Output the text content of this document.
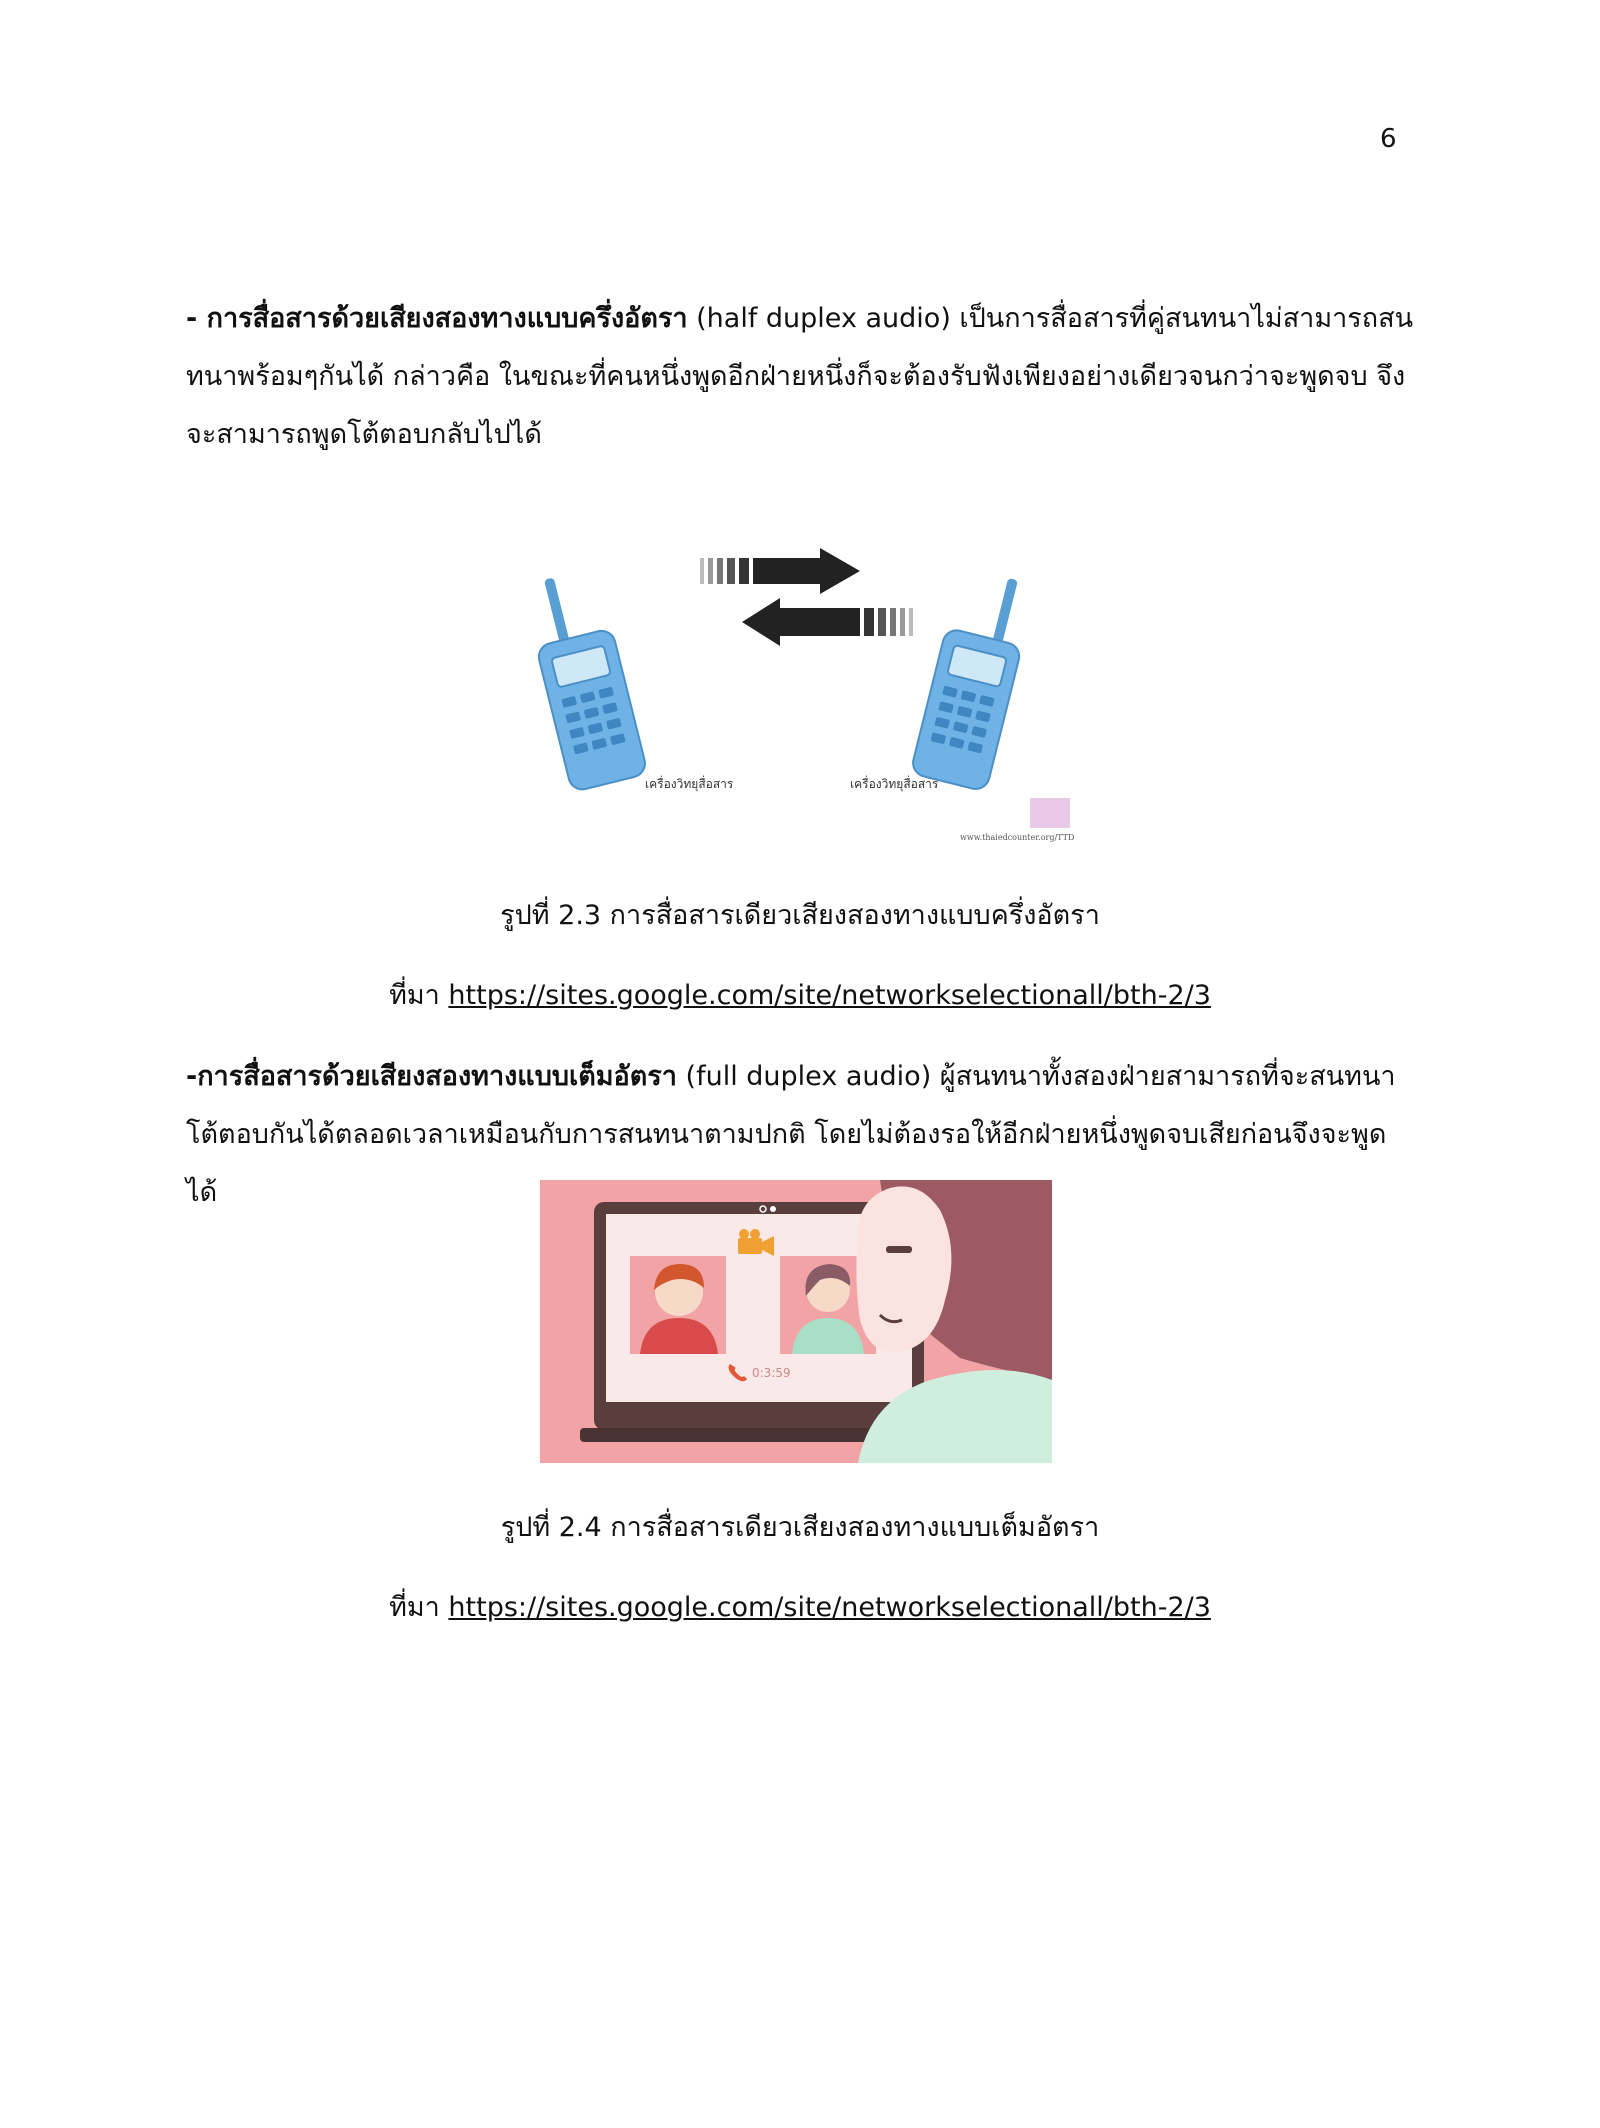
6

- การสื่อสารด้วยเสียงสองทางแบบครึ่งอัตรา (half duplex audio) เป็นการสื่อสารที่คู่สนทนาไม่สามารถสนทนาพร้อมๆกันได้ กล่าวคือ ในขณะที่คนหนึ่งพูดอีกฝ่ายหนึ่งก็จะต้องรับฟังเพียงอย่างเดียวจนกว่าจะพูดจบ จึงจะสามารถพูดโต้ตอบกลับไปได้

เครื่องวิทยุสื่อสาร	เครื่องวิทยุสื่อสาร
www.thaiedcounter.org/TTD

รูปที่ 2.3 การสื่อสารเดียวเสียงสองทางแบบครึ่งอัตรา

ที่มา https://sites.google.com/site/networkselectionall/bth-2/3

-การสื่อสารด้วยเสียงสองทางแบบเต็มอัตรา (full duplex audio) ผู้สนทนาทั้งสองฝ่ายสามารถที่จะสนทนาโต้ตอบกันได้ตลอดเวลาเหมือนกับการสนทนาตามปกติ โดยไม่ต้องรอให้อีกฝ่ายหนึ่งพูดจบเสียก่อนจึงจะพูดได้

0:3:59

รูปที่ 2.4 การสื่อสารเดียวเสียงสองทางแบบเต็มอัตรา

ที่มา https://sites.google.com/site/networkselectionall/bth-2/3
